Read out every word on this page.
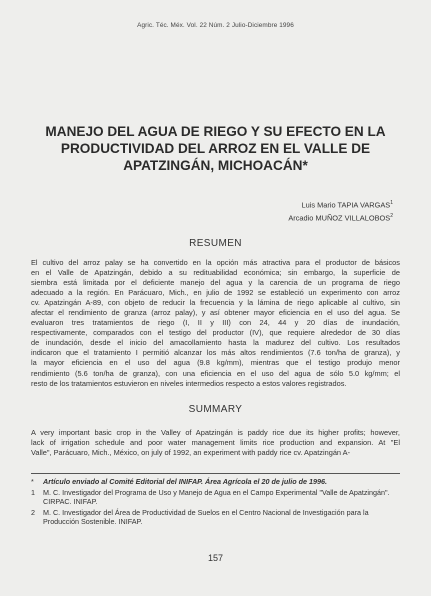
Agric. Téc. Méx. Vol. 22 Núm. 2 Julio-Diciembre 1996
MANEJO DEL AGUA DE RIEGO Y SU EFECTO EN LA PRODUCTIVIDAD DEL ARROZ EN EL VALLE DE APATZINGÁN, MICHOACÁN*
Luis Mario TAPIA VARGAS$^1$
Arcadio MUÑOZ VILLALOBOS$^2$
RESUMEN
El cultivo del arroz palay se ha convertido en la opción más atractiva para el productor de básicos
en el Valle de Apatzingán, debido a su redituabilidad económica; sin embargo, la superficie de
siembra está limitada por el deficiente manejo del agua y la carencia de un programa de riego
adecuado a la región. En Parácuaro, Mich., en julio de 1992 se estableció un experimento con arroz
cv. Apatzingán A-89, con objeto de reducir la frecuencia y la lámina de riego aplicable al cultivo, sin
afectar el rendimiento de granza (arroz palay), y así obtener mayor eficiencia en el uso del agua. Se
evaluaron tres tratamientos de riego (I, II y III) con 24, 44 y 20 días de inundación,
respectivamente, comparados con el testigo del productor (IV), que requiere alrededor de 30 días
de inundación, desde el inicio del amacollamiento hasta la madurez del cultivo. Los resultados
indicaron que el tratamiento I permitió alcanzar los más altos rendimientos (7.6 ton/ha de granza), y
la mayor eficiencia en el uso del agua (9.8 kg/mm), mientras que el testigo produjo menor
rendimiento (5.6 ton/ha de granza), con una eficiencia en el uso del agua de sólo 5.0 kg/mm; el
resto de los tratamientos estuvieron en niveles intermedios respecto a estos valores registrados.
SUMMARY
A very important basic crop in the Valley of Apatzingán is paddy rice due its higher profits; however,
lack of irrigation schedule and poor water management limits rice production and expansion. At "El
Valle", Parácuaro, Mich., México, on july of 1992, an experiment with paddy rice cv. Apatzingán A-
*	Artículo enviado al Comité Editorial del INIFAP. Área Agrícola el 20 de julio de 1996.
1	M. C. Investigador del Programa de Uso y Manejo de Agua en el Campo Experimental "Valle de Apatzingán". CIRPAC. INIFAP.
2	M. C. Investigador del Área de Productividad de Suelos en el Centro Nacional de Investigación para la Producción Sostenible. INIFAP.
157
